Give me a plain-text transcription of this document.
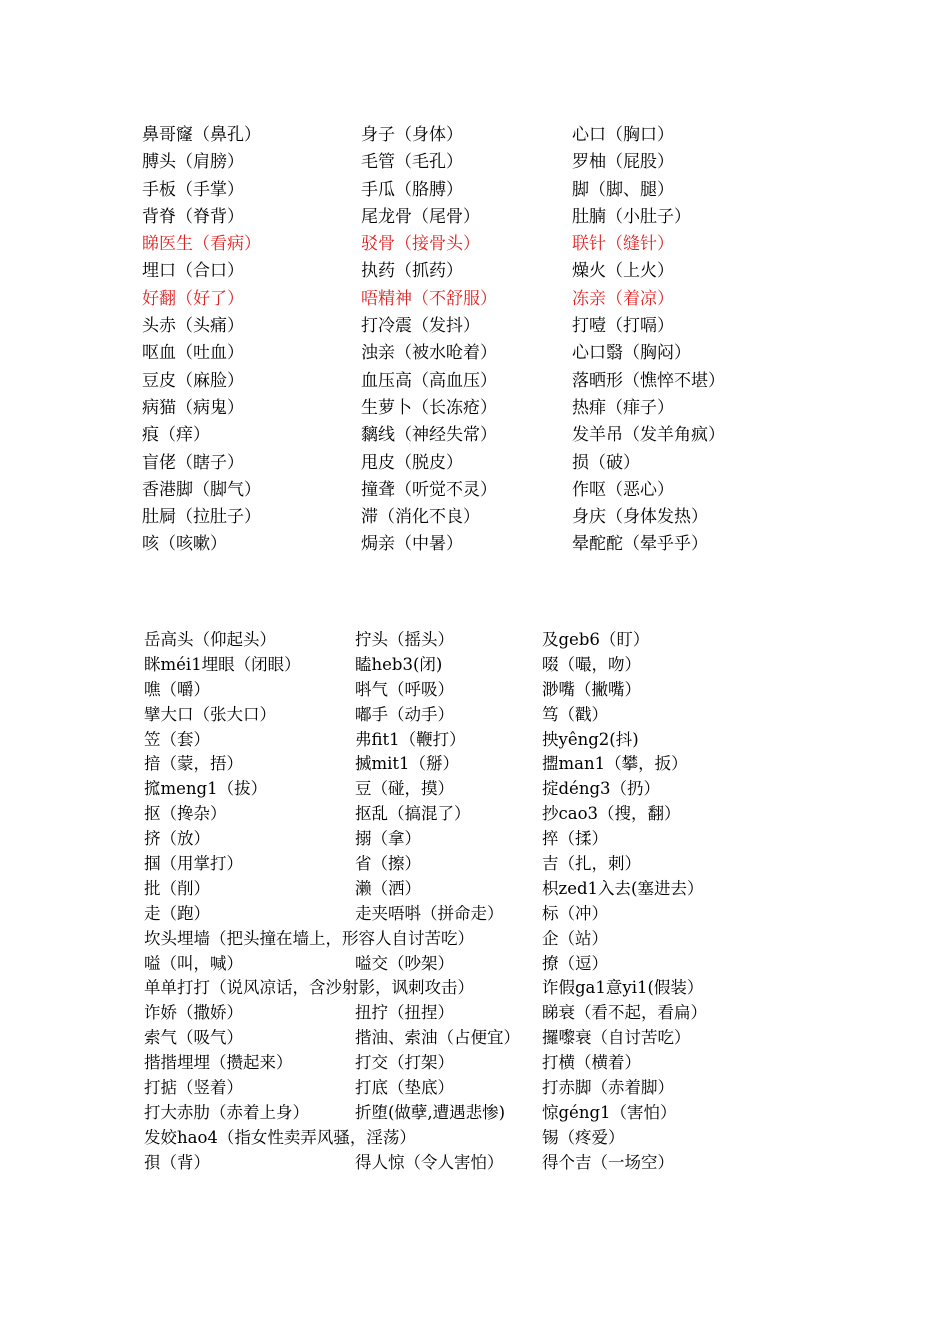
鼻哥窿（鼻孔）	身子（身体）	心口（胸口）
膊头（肩膀）	毛管（毛孔）	罗柚（屁股）
手板（手掌）	手瓜（胳膊）	脚（脚、腿）
背脊（脊背）	尾龙骨（尾骨）	肚腩（小肚子）
睇医生（看病）	驳骨（接骨头）	联针（缝针）
埋口（合口）	执药（抓药）	燥火（上火）
好翻（好了）	唔精神（不舒服）	冻亲（着凉）
头赤（头痛）	打冷震（发抖）	打噎（打嗝）
呕血（吐血）	浊亲（被水呛着）	心口翳（胸闷）
豆皮（麻脸）	血压高（高血压）	落晒形（憔悴不堪）
病猫（病鬼）	生萝卜（长冻疮）	热痱（痱子）
痕（痒）	黐线（神经失常）	发羊吊（发羊角疯）
盲佬（瞎子）	甩皮（脱皮）	损（破）
香港脚（脚气）	撞聋（听觉不灵）	作呕（恶心）
肚屙（拉肚子）	滞（消化不良）	身庆（身体发热）
咳（咳嗽）	焗亲（中暑）	晕酡酡（晕乎乎）
岳高头（仰起头）	拧头（摇头）	及geb6（盯）
眯méi1埋眼（闭眼）	瞌heb3(闭)	啜（嘬，吻）
噍（嚼）	唞气（呼吸）	渺嘴（撇嘴）
擘大口（张大口）	嘟手（动手）	笃（戳）
笠（套）	弗fit1（鞭打）	抰yêng2(抖)
揞（蒙，捂）	搣mit1（掰）	擝man1（攀，扳）
搲meng1（拔）	豆（碰，摸）	掟déng3（扔）
抠（搀杂）	抠乱（搞混了）	抄cao3（搜，翻）
挤（放）	搦（拿）	捽（揉）
掴（用掌打）	省（擦）	吉（扎，刺）
批（削）	濑（洒）	枳zed1入去(塞进去）
走（跑）	走夹唔唞（拼命走） 标（冲）
坎头埋墙（把头撞在墙上，形容人自讨苦吃）	企（站）
嗌（叫，喊）	嗌交（吵架）	撩（逗）
单单打打（说风凉话，含沙射影，讽刺攻击）	诈假ga1意yi1(假装）
诈娇（撒娇）	扭拧（扭捏）	睇衰（看不起，看扁）
索气（吸气）	揩油、索油（占便宜） 攞嚟衰（自讨苦吃）
揩揩埋埋（攒起来）	打交（打架）	打横（横着）
打掂（竖着）	打底（垫底）	打赤脚（赤着脚）
打大赤肋（赤着上身）	折堕(做孽,遭遇悲惨) 惊géng1（害怕）
发姣hao4（指女性卖弄风骚，淫荡）	锡（疼爱）
孭（背）	得人惊（令人害怕） 得个吉（一场空）
